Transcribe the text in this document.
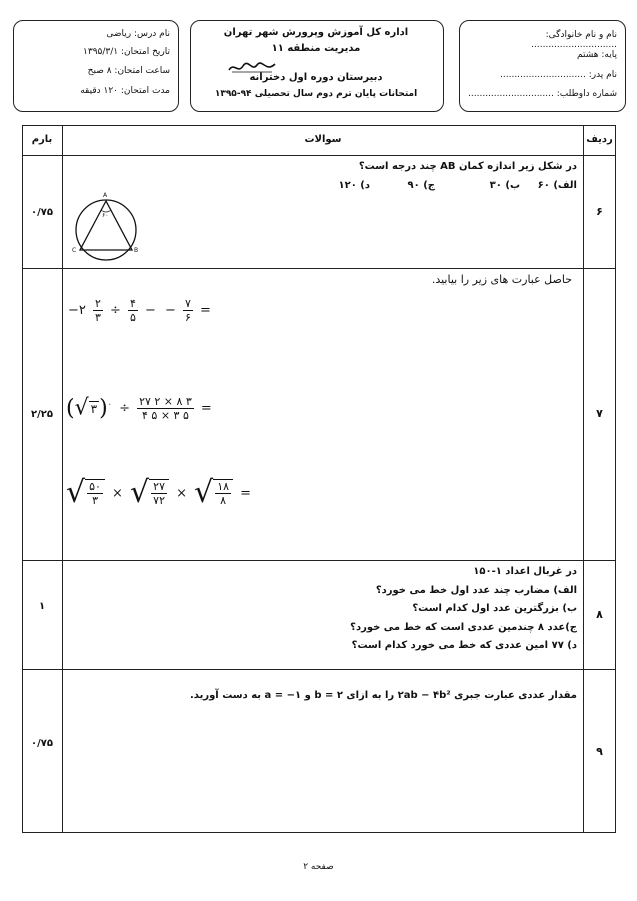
نام درس: ریاضی
تاریخ امتحان: ۱۳۹۵/۳/۱
ساعت امتحان: ۸ صبح
مدت امتحان: ۱۲۰ دقیقه
اداره کل آموزش وپرورش شهر تهران
مدیریت منطقه ۱۱
دبیرستان دوره اول دخترانه
امتحانات پایان ترم دوم سال تحصیلی ۹۴-۱۳۹۵
نام و نام خانوادگی: ..............................
پایه: هشتم
نام پدر: ..............................
شماره داوطلب: ..............................
ردیف
سوالات
بارم
۶
۰/۷۵
در شکل زیر اندازه کمان AB چند درجه است؟
الف) ۶۰
ب) ۳۰
ج) ۹۰
د) ۱۲۰
A
۶۰
C	B
۷
۲/۲۵
حاصل عبارت های زیر را بیابید.
−۲ $\frac{۲}{۳} \div \frac{۴}{۵}$ − − $\frac{۷}{۶}$ =
(√ ۳)$^۰$ ÷ $\frac{۲۷ ۲ \times ۸ ۳}{۴ ۵ \times ۳ ۵}$ =
√ $\frac{۵۰}{۳}$ × √ $\frac{۲۷}{۷۲}$ × √ $\frac{۱۸}{۸}$ =
۸
۱
در غربال اعداد ۱-۱۵۰
الف) مضارب چند عدد اول خط می خورد؟
ب) بزرگترین عدد اول کدام است؟
ج)عدد ۸ چندمین عددی است که خط می خورد؟
د) ۷۷ امین عددی که خط می خورد کدام است؟
۹
۰/۷۵
مقدار عددی عبارت جبری ۲ab − ۴b² را به ازای ۲ = b و ۱− = a به دست آورید.
صفحه ۲
